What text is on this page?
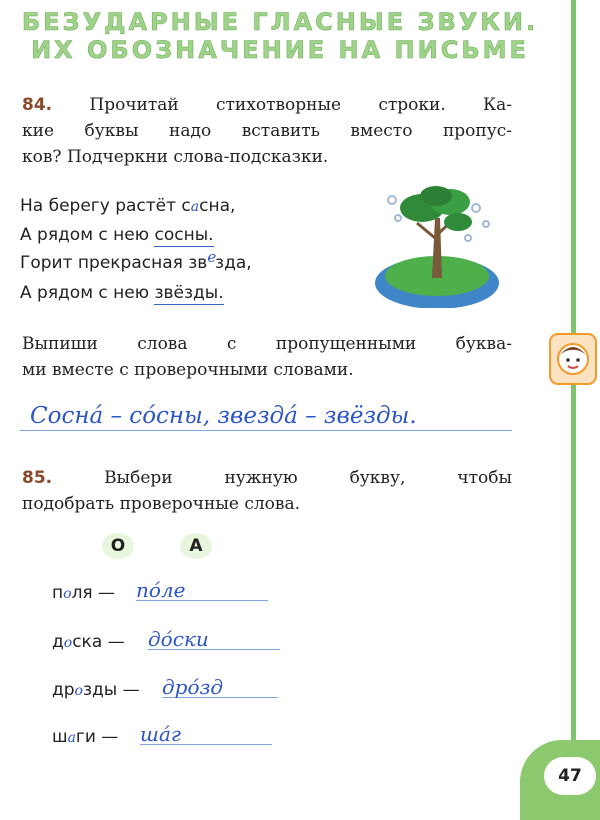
БЕЗУДАРНЫЕ ГЛАСНЫЕ ЗВУКИ.
ИХ ОБОЗНАЧЕНИЕ НА ПИСЬМЕ
84. Прочитай стихотворные строки. Ка-
кие буквы надо вставить вместо пропус-
ков? Подчеркни слова-подсказки.
На берегу растёт сасна,
А рядом с нею сосны.
Горит прекрасная зв е
зда,
А рядом с нею звёзды.
Выпиши слова с пропущенными буква-
ми вместе с проверочными словами.
Сосна́ – со́сны, звезда́ – звёзды.
85.	Выбери нужную букву, чтобы
подобрать проверочные слова.
О	А
поля — по́ле
доска — до́ски
дрозды — дро́зд
шаги — ша́г
47
